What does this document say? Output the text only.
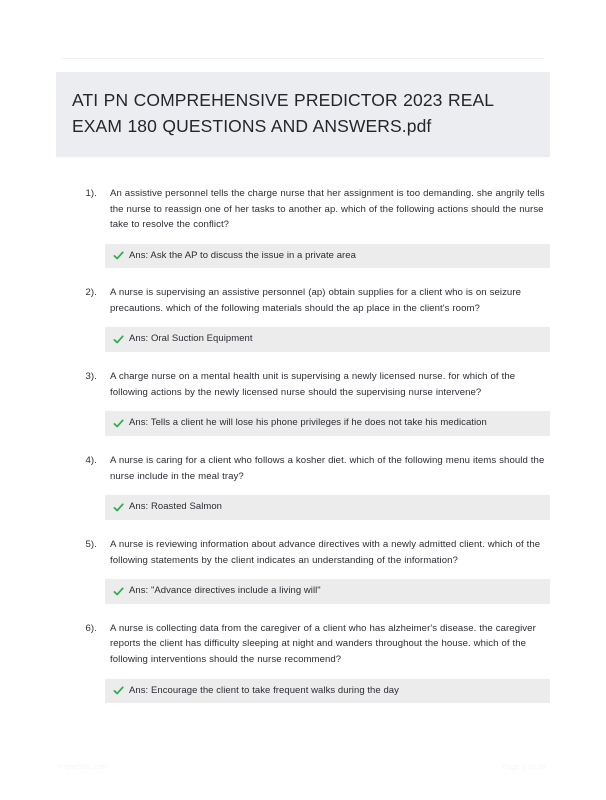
ATI PN COMPREHENSIVE PREDICTOR 2023 REAL EXAM 180 QUESTIONS AND ANSWERS.pdf
1). An assistive personnel tells the charge nurse that her assignment is too demanding. she angrily tells the nurse to reassign one of her tasks to another ap. which of the following actions should the nurse take to resolve the conflict?
Ans: Ask the AP to discuss the issue in a private area
2). A nurse is supervising an assistive personnel (ap) obtain supplies for a client who is on seizure precautions. which of the following materials should the ap place in the client's room?
Ans: Oral Suction Equipment
3). A charge nurse on a mental health unit is supervising a newly licensed nurse. for which of the following actions by the newly licensed nurse should the supervising nurse intervene?
Ans: Tells a client he will lose his phone privileges if he does not take his medication
4). A nurse is caring for a client who follows a kosher diet. which of the following menu items should the nurse include in the meal tray?
Ans: Roasted Salmon
5). A nurse is reviewing information about advance directives with a newly admitted client. which of the following statements by the client indicates an understanding of the information?
Ans: "Advance directives include a living will"
6). A nurse is collecting data from the caregiver of a client who has alzheimer's disease. the caregiver reports the client has difficulty sleeping at night and wanders throughout the house. which of the following interventions should the nurse recommend?
Ans: Encourage the client to take frequent walks during the day
PaperStic.com	Page 1 of 26
